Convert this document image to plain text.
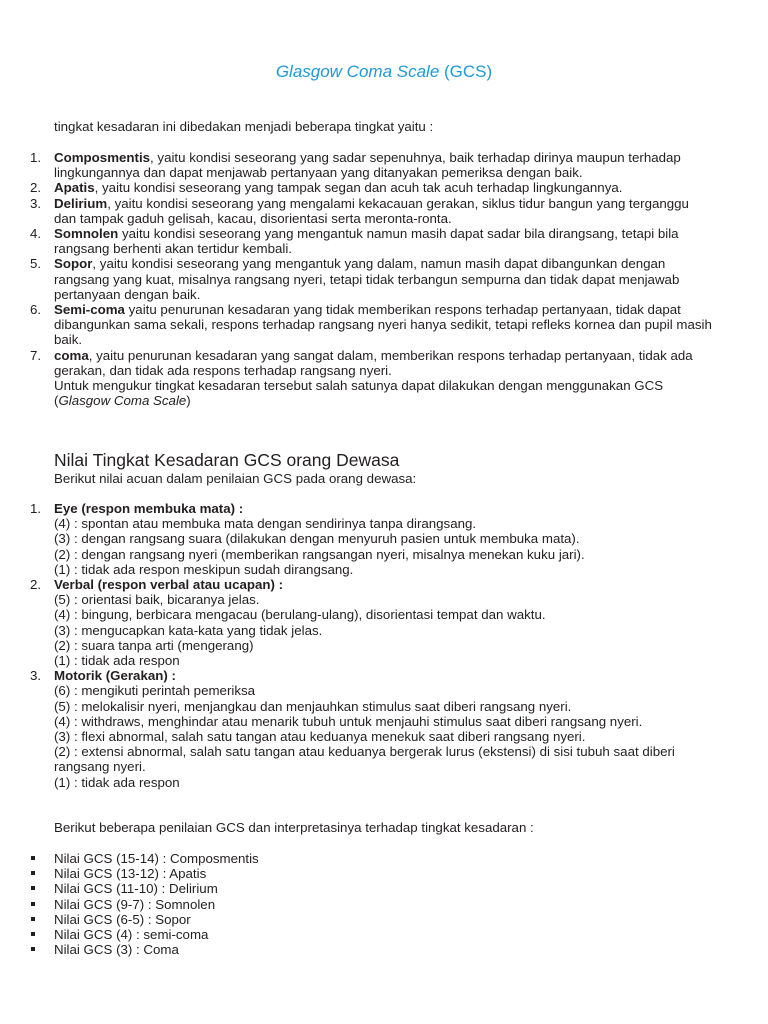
Glasgow Coma Scale (GCS)

tingkat kesadaran ini dibedakan menjadi beberapa tingkat yaitu :

1. Composmentis, yaitu kondisi seseorang yang sadar sepenuhnya, baik terhadap dirinya maupun terhadap lingkungannya dan dapat menjawab pertanyaan yang ditanyakan pemeriksa dengan baik.
2. Apatis, yaitu kondisi seseorang yang tampak segan dan acuh tak acuh terhadap lingkungannya.
3. Delirium, yaitu kondisi seseorang yang mengalami kekacauan gerakan, siklus tidur bangun yang terganggu dan tampak gaduh gelisah, kacau, disorientasi serta meronta-ronta.
4. Somnolen yaitu kondisi seseorang yang mengantuk namun masih dapat sadar bila dirangsang, tetapi bila rangsang berhenti akan tertidur kembali.
5. Sopor, yaitu kondisi seseorang yang mengantuk yang dalam, namun masih dapat dibangunkan dengan rangsang yang kuat, misalnya rangsang nyeri, tetapi tidak terbangun sempurna dan tidak dapat menjawab pertanyaan dengan baik.
6. Semi-coma yaitu penurunan kesadaran yang tidak memberikan respons terhadap pertanyaan, tidak dapat dibangunkan sama sekali, respons terhadap rangsang nyeri hanya sedikit, tetapi refleks kornea dan pupil masih baik.
7. coma, yaitu penurunan kesadaran yang sangat dalam, memberikan respons terhadap pertanyaan, tidak ada gerakan, dan tidak ada respons terhadap rangsang nyeri.
Untuk mengukur tingkat kesadaran tersebut salah satunya dapat dilakukan dengan menggunakan GCS (Glasgow Coma Scale)
Nilai Tingkat Kesadaran GCS orang Dewasa

Berikut nilai acuan dalam penilaian GCS pada orang dewasa:

1. Eye (respon membuka mata) :
(4) : spontan atau membuka mata dengan sendirinya tanpa dirangsang.
(3) : dengan rangsang suara (dilakukan dengan menyuruh pasien untuk membuka mata).
(2) : dengan rangsang nyeri (memberikan rangsangan nyeri, misalnya menekan kuku jari).
(1) : tidak ada respon meskipun sudah dirangsang.
2. Verbal (respon verbal atau ucapan) :
(5) : orientasi baik, bicaranya jelas.
(4) : bingung, berbicara mengacau (berulang-ulang), disorientasi tempat dan waktu.
(3) : mengucapkan kata-kata yang tidak jelas.
(2) : suara tanpa arti (mengerang)
(1) : tidak ada respon
3. Motorik (Gerakan) :
(6) : mengikuti perintah pemeriksa
(5) : melokalisir nyeri, menjangkau dan menjauhkan stimulus saat diberi rangsang nyeri.
(4) : withdraws, menghindar atau menarik tubuh untuk menjauhi stimulus saat diberi rangsang nyeri.
(3) : flexi abnormal, salah satu tangan atau keduanya menekuk saat diberi rangsang nyeri.
(2) : extensi abnormal, salah satu tangan atau keduanya bergerak lurus (ekstensi) di sisi tubuh saat diberi rangsang nyeri.
(1) : tidak ada respon

Berikut beberapa penilaian GCS dan interpretasinya terhadap tingkat kesadaran :

Nilai GCS (15-14) : Composmentis
Nilai GCS (13-12) : Apatis
Nilai GCS (11-10) : Delirium
Nilai GCS (9-7) : Somnolen
Nilai GCS (6-5) : Sopor
Nilai GCS (4) : semi-coma
Nilai GCS (3) : Coma
